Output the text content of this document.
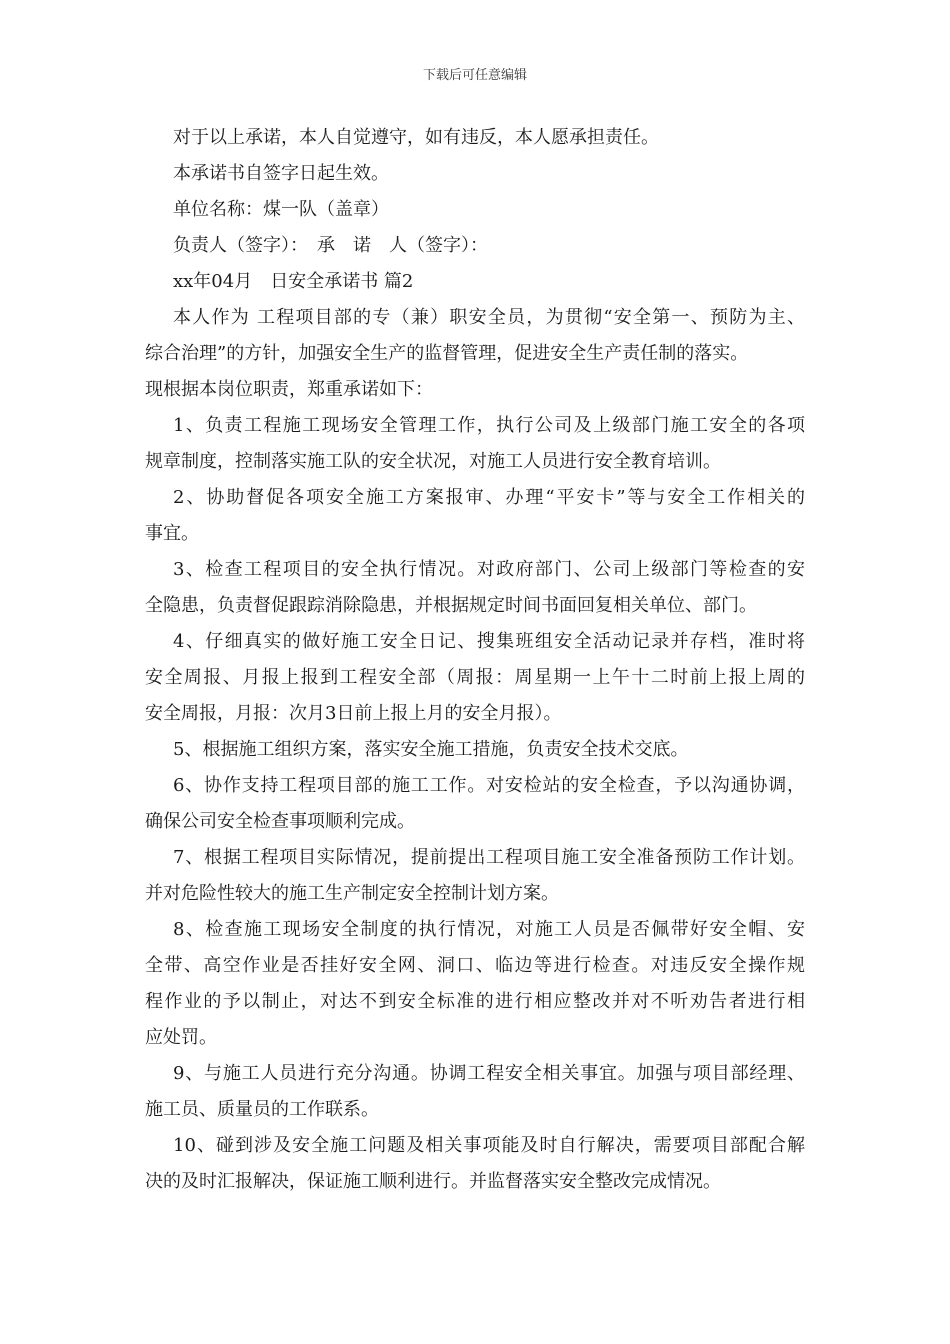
下载后可任意编辑
对于以上承诺，本人自觉遵守，如有违反，本人愿承担责任。
本承诺书自签字日起生效。
单位名称：煤一队（盖章）
负责人（签字）：　承　诺　人（签字）：
xx年04月　日安全承诺书 篇2
本人作为 工程项目部的专（兼）职安全员，为贯彻“安全第一、预防为主、
综合治理”的方针，加强安全生产的监督管理，促进安全生产责任制的落实。
现根据本岗位职责，郑重承诺如下：
1、负责工程施工现场安全管理工作，执行公司及上级部门施工安全的各项
规章制度，控制落实施工队的安全状况，对施工人员进行安全教育培训。
2、协助督促各项安全施工方案报审、办理“平安卡”等与安全工作相关的
事宜。
3、检查工程项目的安全执行情况。对政府部门、公司上级部门等检查的安
全隐患，负责督促跟踪消除隐患，并根据规定时间书面回复相关单位、部门。
4、仔细真实的做好施工安全日记、搜集班组安全活动记录并存档，准时将
安全周报、月报上报到工程安全部（周报：周星期一上午十二时前上报上周的
安全周报，月报：次月3日前上报上月的安全月报）。
5、根据施工组织方案，落实安全施工措施，负责安全技术交底。
6、协作支持工程项目部的施工工作。对安检站的安全检查，予以沟通协调，
确保公司安全检查事项顺利完成。
7、根据工程项目实际情况，提前提出工程项目施工安全准备预防工作计划。
并对危险性较大的施工生产制定安全控制计划方案。
8、检查施工现场安全制度的执行情况，对施工人员是否佩带好安全帽、安
全带、高空作业是否挂好安全网、洞口、临边等进行检查。对违反安全操作规
程作业的予以制止，对达不到安全标准的进行相应整改并对不听劝告者进行相
应处罚。
9、与施工人员进行充分沟通。协调工程安全相关事宜。加强与项目部经理、
施工员、质量员的工作联系。
10、碰到涉及安全施工问题及相关事项能及时自行解决，需要项目部配合解
决的及时汇报解决，保证施工顺利进行。并监督落实安全整改完成情况。
